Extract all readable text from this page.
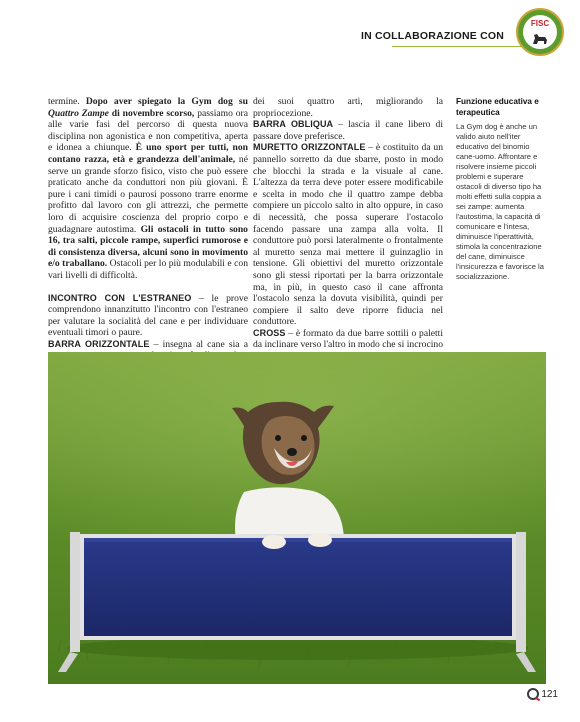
IN COLLABORAZIONE CON
FISC

termine. Dopo aver spiegato la Gym dog su Quattro Zampe di novembre scorso, passiamo ora alle varie fasi del percorso di questa nuova disciplina non agonistica e non competitiva, aperta e idonea a chiunque. È uno sport per tutti, non contano razza, età e grandezza dell'animale, né serve un grande sforzo fisico, visto che può essere praticato anche da conduttori non più giovani. È pure i cani timidi o paurosi possono trarre enorme profitto dal lavoro con gli attrezzi, che permette loro di acquisire coscienza del proprio corpo e guadagnare autostima. Gli ostacoli in tutto sono 16, tra salti, piccole rampe, superfici rumorose e di consistenza diversa, alcuni sono in movimento e/o traballano. Ostacoli per lo più modulabili e con vari livelli di difficoltà.

INCONTRO CON L'ESTRANEO – le prove comprendono innanzitutto l'incontro con l'estraneo per valutare la socialità del cane e per individuare eventuali timori o paure.

BARRA ORIZZONTALE – insegna al cane sia a

dei suoi quattro arti, migliorando la propriocezione.

BARRA OBLIQUA – lascia il cane libero di passare dove preferisce.

MURETTO ORIZZONTALE – è costituito da un pannello sorretto da due sbarre, posto in modo che blocchi la strada e la visuale al cane. L'altezza da terra deve poter essere modificabile e scelta in modo che il quattro zampe debba compiere un piccolo salto in alto oppure, in caso di necessità, che possa superare l'ostacolo facendo passare una zampa alla volta. Il conduttore può porsi lateralmente o frontalmente al muretto senza mai mettere il guinzaglio in tensione. Gli obiettivi del muretto orizzontale sono gli stessi riportati per la barra orizzontale ma, in più, in questo caso il cane affronta l'ostacolo senza la dovuta visibilità, quindi per compiere il salto deve riporre fiducia nel conduttore.

CROSS – è formato da due barre sottili o paletti da inclinare verso l'altro in modo che si incrocino

Funzione educativa e terapeutica

La Gym dog è anche un valido aiuto nell'iter educativo del binomio cane-uomo. Affrontare e risolvere insieme piccoli problemi e superare ostacoli di diverso tipo ha molti effetti sulla coppia a sei zampe: aumenta l'autostima, la capacità di comunicare e l'intesa, diminuisce l'iperattività, stimola la concentrazione del cane, diminuisce l'insicurezza e favorisce la socializzazione.

121
